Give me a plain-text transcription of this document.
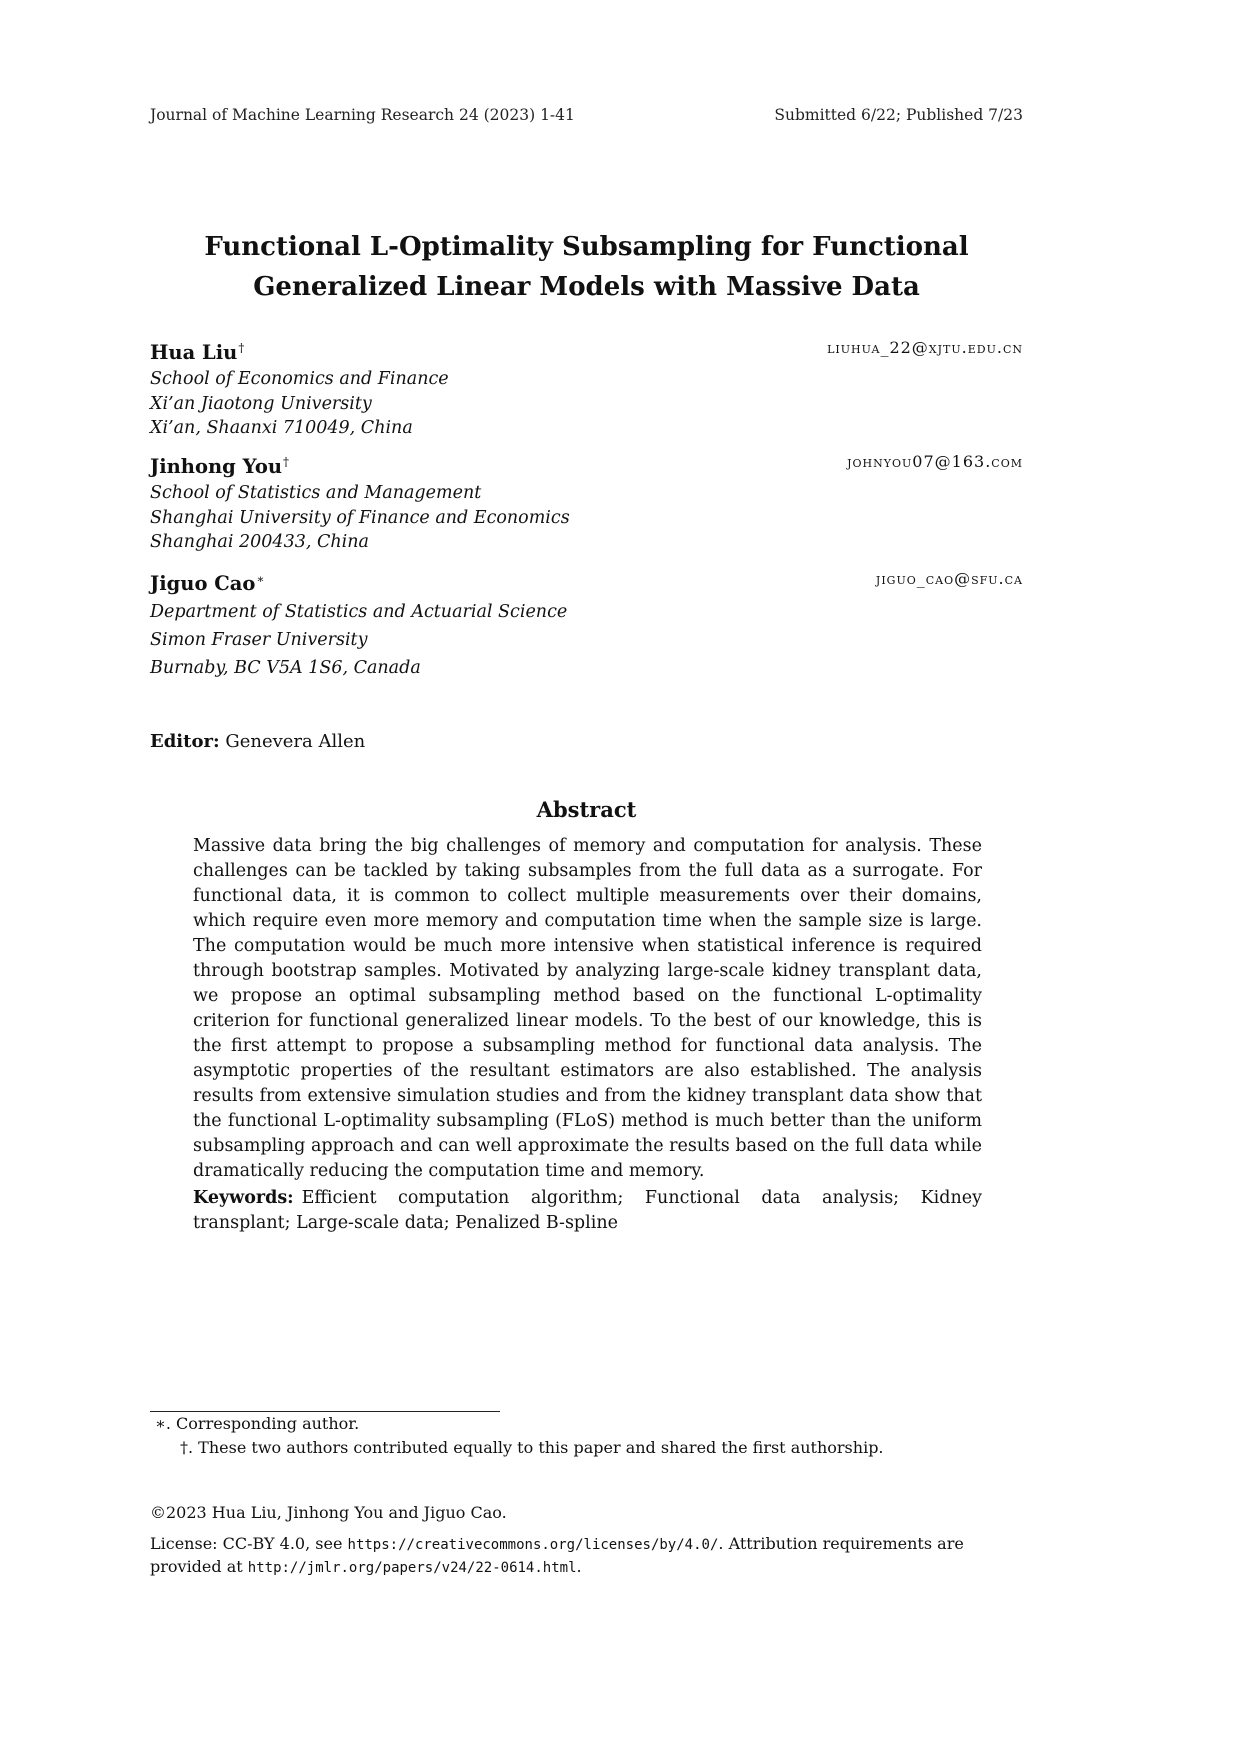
Journal of Machine Learning Research 24 (2023) 1-41	Submitted 6/22; Published 7/23
Functional L-Optimality Subsampling for Functional
Generalized Linear Models with Massive Data
Hua Liu†	liuhua_22@xjtu.edu.cn
School of Economics and Finance
Xi’an Jiaotong University
Xi’an, Shaanxi 710049, China
Jinhong You†	johnyou07@163.com
School of Statistics and Management
Shanghai University of Finance and Economics
Shanghai 200433, China
Jiguo Cao∗	jiguo_cao@sfu.ca
Department of Statistics and Actuarial Science
Simon Fraser University
Burnaby, BC V5A 1S6, Canada
Editor: Genevera Allen
Abstract
Massive data bring the big challenges of memory and computation for analysis. These challenges can be tackled by taking subsamples from the full data as a surrogate. For functional data, it is common to collect multiple measurements over their domains, which require even more memory and computation time when the sample size is large. The computation would be much more intensive when statistical inference is required through bootstrap samples. Motivated by analyzing large-scale kidney transplant data, we propose an optimal subsampling method based on the functional L-optimality criterion for functional generalized linear models. To the best of our knowledge, this is the first attempt to propose a subsampling method for functional data analysis. The asymptotic properties of the resultant estimators are also established. The analysis results from extensive simulation studies and from the kidney transplant data show that the functional L-optimality subsampling (FLoS) method is much better than the uniform subsampling approach and can well approximate the results based on the full data while dramatically reducing the computation time and memory.
Keywords: Efficient computation algorithm; Functional data analysis; Kidney transplant; Large-scale data; Penalized B-spline
∗. Corresponding author.
†. These two authors contributed equally to this paper and shared the first authorship.
©2023 Hua Liu, Jinhong You and Jiguo Cao.
License: CC-BY 4.0, see https://creativecommons.org/licenses/by/4.0/. Attribution requirements are provided at http://jmlr.org/papers/v24/22-0614.html.
